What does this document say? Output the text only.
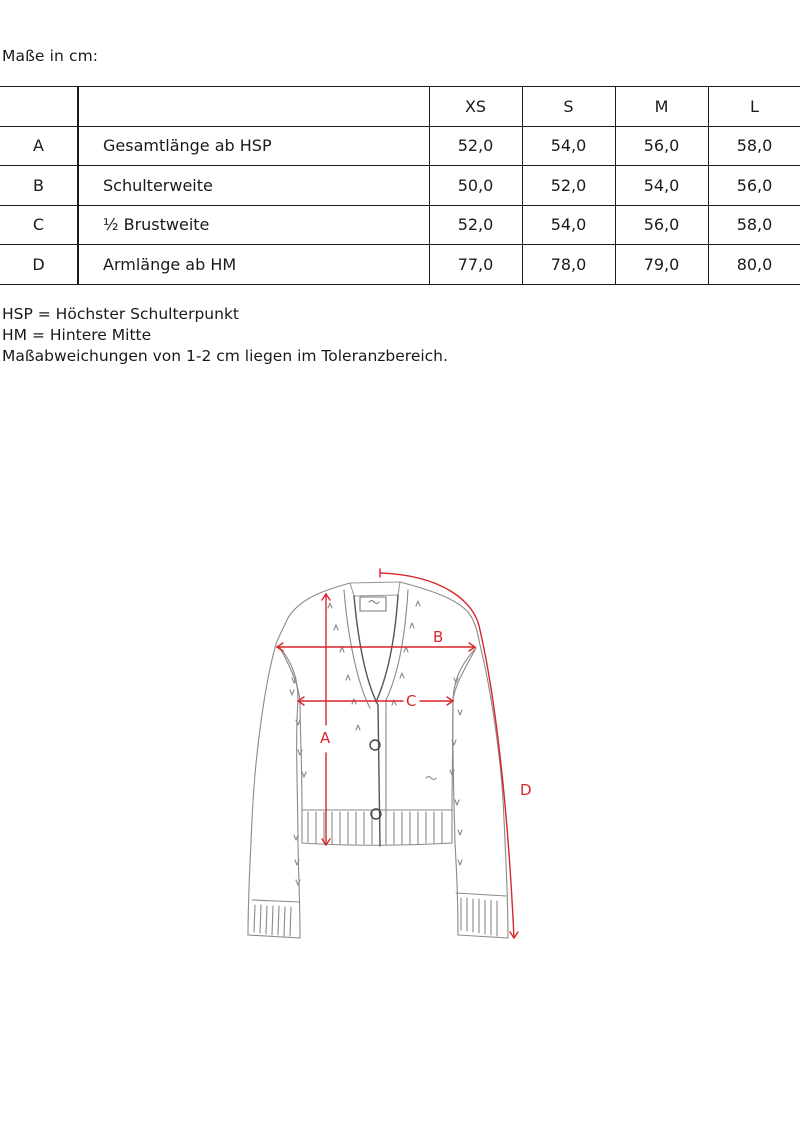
Maße in cm:
		XS	S	M	L
A	Gesamtlänge ab HSP	52,0	54,0	56,0	58,0
B	Schulterweite	50,0	52,0	54,0	56,0
C	½ Brustweite	52,0	54,0	56,0	58,0
D	Armlänge ab HM	77,0	78,0	79,0	80,0
HSP = Höchster Schulterpunkt
HM = Hintere Mitte
Maßabweichungen von 1-2 cm liegen im Toleranzbereich.
A
B
C
D
